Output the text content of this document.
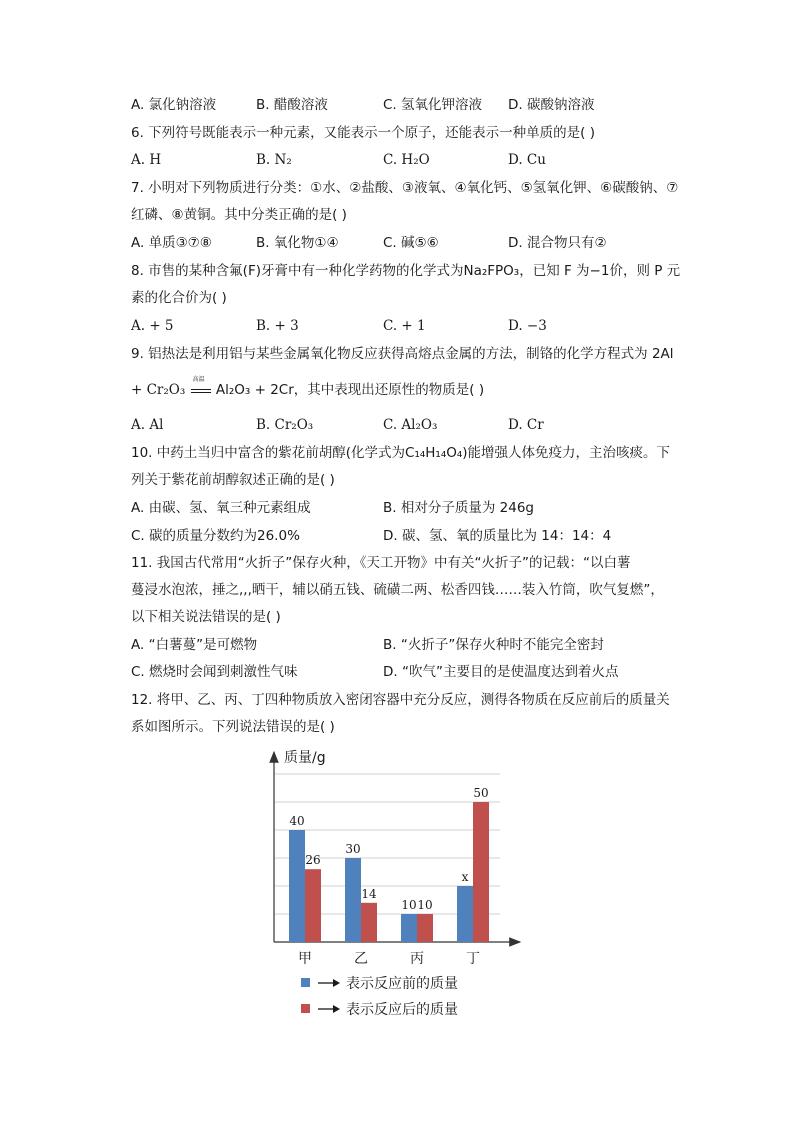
A. 氯化钠溶液	B. 醋酸溶液	C. 氢氧化钾溶液 D. 碳酸钠溶液
6. 下列符号既能表示一种元素，又能表示一个原子，还能表示一种单质的是( )
A. H	B. N₂	C. H₂O	D. Cu
7. 小明对下列物质进行分类：①水、②盐酸、③液氧、④氧化钙、⑤氢氧化钾、⑥碳酸钠、⑦
红磷、⑧黄铜。其中分类正确的是( )
A. 单质③⑦⑧	B. 氧化物①④	C. 碱⑤⑥	D. 混合物只有②
8. 市售的某种含氟(F)牙膏中有一种化学药物的化学式为Na₂FPO₃，已知 F 为−1价，则 P 元
素的化合价为( )
A. + 5	B. + 3	C. + 1	D. −3
9. 铝热法是利用铝与某些金属氧化物反应获得高熔点金属的方法，制铬的化学方程式为 2Al
+ Cr₂O₃
高温
Al₂O₃ + 2Cr，其中表现出还原性的物质是( )
A. Al	B. Cr₂O₃	C. Al₂O₃	D. Cr
10. 中药土当归中富含的紫花前胡醇(化学式为C₁₄H₁₄O₄)能增强人体免疫力，主治咳痰。下
列关于紫花前胡醇叙述正确的是( )
A. 由碳、氢、氧三种元素组成	B. 相对分子质量为 246g
C. 碳的质量分数约为26.0%	D. 碳、氢、氧的质量比为 14：14：4
11. 我国古代常用“火折子”保存火种，《天工开物》中有关“火折子”的记载：“以白薯
蔓浸水泡浓，捶之,,,晒干，辅以硝五钱、硫磺二两、松香四钱……装入竹筒，吹气复燃”，
以下相关说法错误的是( )
A. “白薯蔓”是可燃物	B. “火折子”保存火种时不能完全密封
C. 燃烧时会闻到刺激性气味	D. “吹气”主要目的是使温度达到着火点
12. 将甲、乙、丙、丁四种物质放入密闭容器中充分反应，测得各物质在反应前后的质量关
系如图所示。下列说法错误的是( )
质量/g
40
26
30
14
10 10
x
50
甲	乙	丙	丁
表示反应前的质量
表示反应后的质量
